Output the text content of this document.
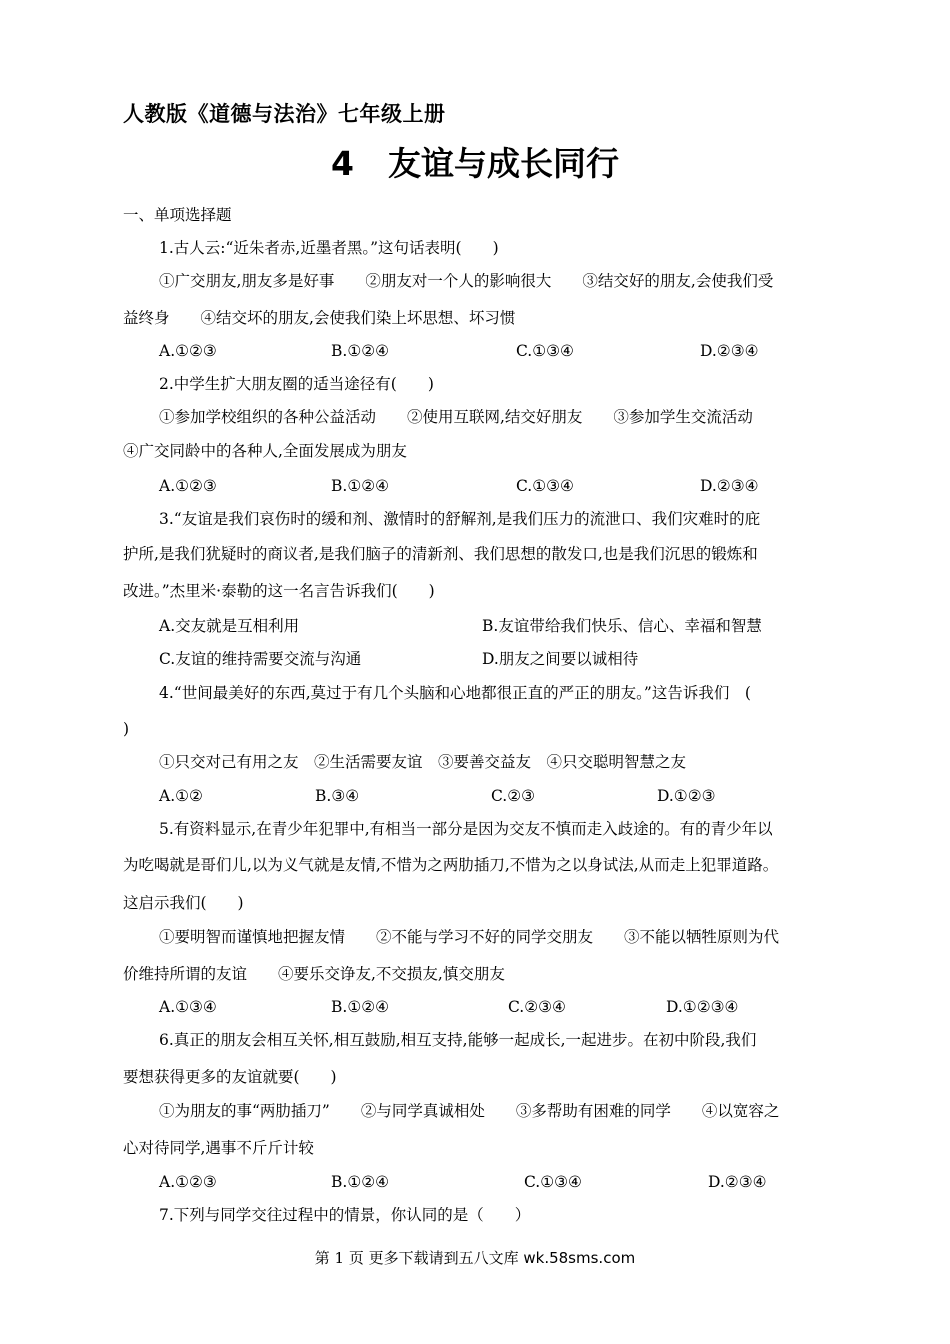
人教版《道德与法治》七年级上册
4 友谊与成长同行
一、单项选择题
1.古人云:“近朱者赤,近墨者黑。”这句话表明(　　)
①广交朋友,朋友多是好事　　②朋友对一个人的影响很大　　③结交好的朋友,会使我们受
益终身　　④结交坏的朋友,会使我们染上坏思想、坏习惯
A.①②③	B.①②④	C.①③④	D.②③④
2.中学生扩大朋友圈的适当途径有(　　)
①参加学校组织的各种公益活动　　②使用互联网,结交好朋友　　③参加学生交流活动
④广交同龄中的各种人,全面发展成为朋友
A.①②③	B.①②④	C.①③④	D.②③④
3.“友谊是我们哀伤时的缓和剂、激情时的舒解剂,是我们压力的流泄口、我们灾难时的庇
护所,是我们犹疑时的商议者,是我们脑子的清新剂、我们思想的散发口,也是我们沉思的锻炼和
改进。”杰里米·泰勒的这一名言告诉我们(　　)
A.交友就是互相利用	B.友谊带给我们快乐、信心、幸福和智慧
C.友谊的维持需要交流与沟通	D.朋友之间要以诚相待
4.“世间最美好的东西,莫过于有几个头脑和心地都很正直的严正的朋友。”这告诉我们　(
)
①只交对己有用之友　②生活需要友谊　③要善交益友　④只交聪明智慧之友
A.①②	B.③④	C.②③	D.①②③
5.有资料显示,在青少年犯罪中,有相当一部分是因为交友不慎而走入歧途的。有的青少年以
为吃喝就是哥们儿,以为义气就是友情,不惜为之两肋插刀,不惜为之以身试法,从而走上犯罪道路。
这启示我们(　　)
①要明智而谨慎地把握友情　　②不能与学习不好的同学交朋友　　③不能以牺牲原则为代
价维持所谓的友谊　　④要乐交诤友,不交损友,慎交朋友
A.①③④	B.①②④	C.②③④	D.①②③④
6.真正的朋友会相互关怀,相互鼓励,相互支持,能够一起成长,一起进步。在初中阶段,我们
要想获得更多的友谊就要(　　)
①为朋友的事“两肋插刀”　　②与同学真诚相处　　③多帮助有困难的同学　　④以宽容之
心对待同学,遇事不斤斤计较
A.①②③	B.①②④	C.①③④	D.②③④
7.下列与同学交往过程中的情景，你认同的是（　　）
第 1 页 更多下载请到五八文库 wk.58sms.com
